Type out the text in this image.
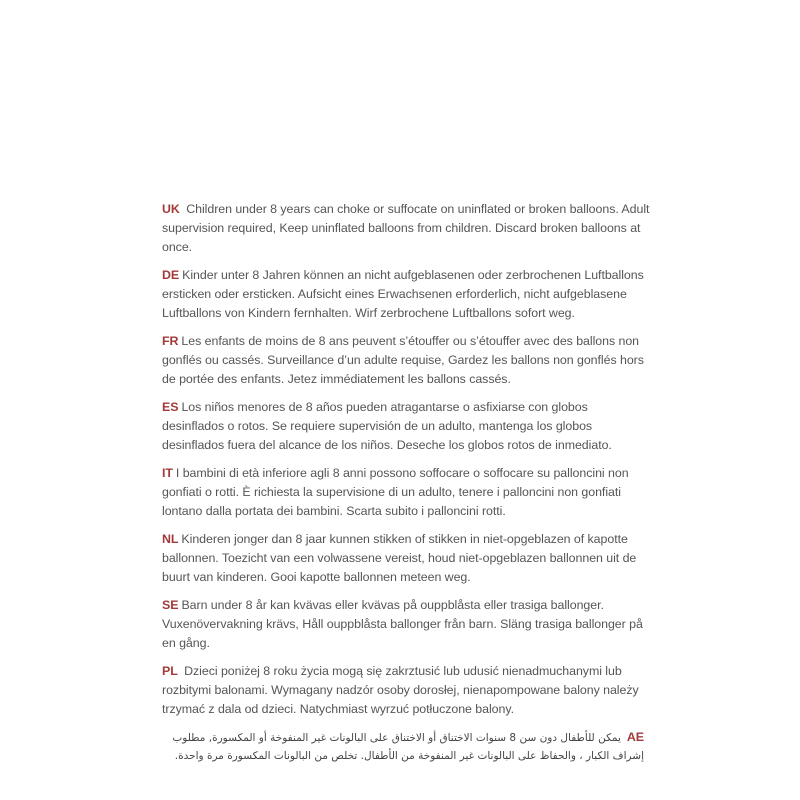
UK Children under 8 years can choke or suffocate on uninflated or broken balloons. Adult supervision required, Keep uninflated balloons from children. Discard broken balloons at once.

DE Kinder unter 8 Jahren können an nicht aufgeblasenen oder zerbrochenen Luftballons ersticken oder ersticken. Aufsicht eines Erwachsenen erforderlich, nicht aufgeblasene Luftballons von Kindern fernhalten. Wirf zerbrochene Luftballons sofort weg.

FR Les enfants de moins de 8 ans peuvent s’étouffer ou s’étouffer avec des ballons non gonflés ou cassés. Surveillance d’un adulte requise, Gardez les ballons non gonflés hors de portée des enfants. Jetez immédiatement les ballons cassés.

ES Los niños menores de 8 años pueden atragantarse o asfixiarse con globos desinflados o rotos. Se requiere supervisión de un adulto, mantenga los globos desinflados fuera del alcance de los niños. Deseche los globos rotos de inmediato.

IT I bambini di età inferiore agli 8 anni possono soffocare o soffocare su palloncini non gonfiati o rotti. È richiesta la supervisione di un adulto, tenere i palloncini non gonfiati lontano dalla portata dei bambini. Scarta subito i palloncini rotti.

NL Kinderen jonger dan 8 jaar kunnen stikken of stikken in niet-opgeblazen of kapotte ballonnen. Toezicht van een volwassene vereist, houd niet-opgeblazen ballonnen uit de buurt van kinderen. Gooi kapotte ballonnen meteen weg.

SE Barn under 8 år kan kvävas eller kvävas på ouppblåsta eller trasiga ballonger. Vuxenövervakning krävs, Håll ouppblåsta ballonger från barn. Släng trasiga ballonger på en gång.

PL Dzieci poniżej 8 roku życia mogą się zakrztusić lub udusić nienadmuchanymi lub rozbitymi balonami. Wymagany nadzór osoby dorosłej, nienapompowane balony należy trzymać z dala od dzieci. Natychmiast wyrzuć potłuczone balony.

AEيمكن للأطفال دون سن 8 سنوات الاختناق أو الاختناق على البالونات غير المنفوخة أو المكسورة, مطلوب إشراف الكبار ، والحفاظ على البالونات غير المنفوخة من الأطفال. تخلص من البالونات المكسورة مرة واحدة.
